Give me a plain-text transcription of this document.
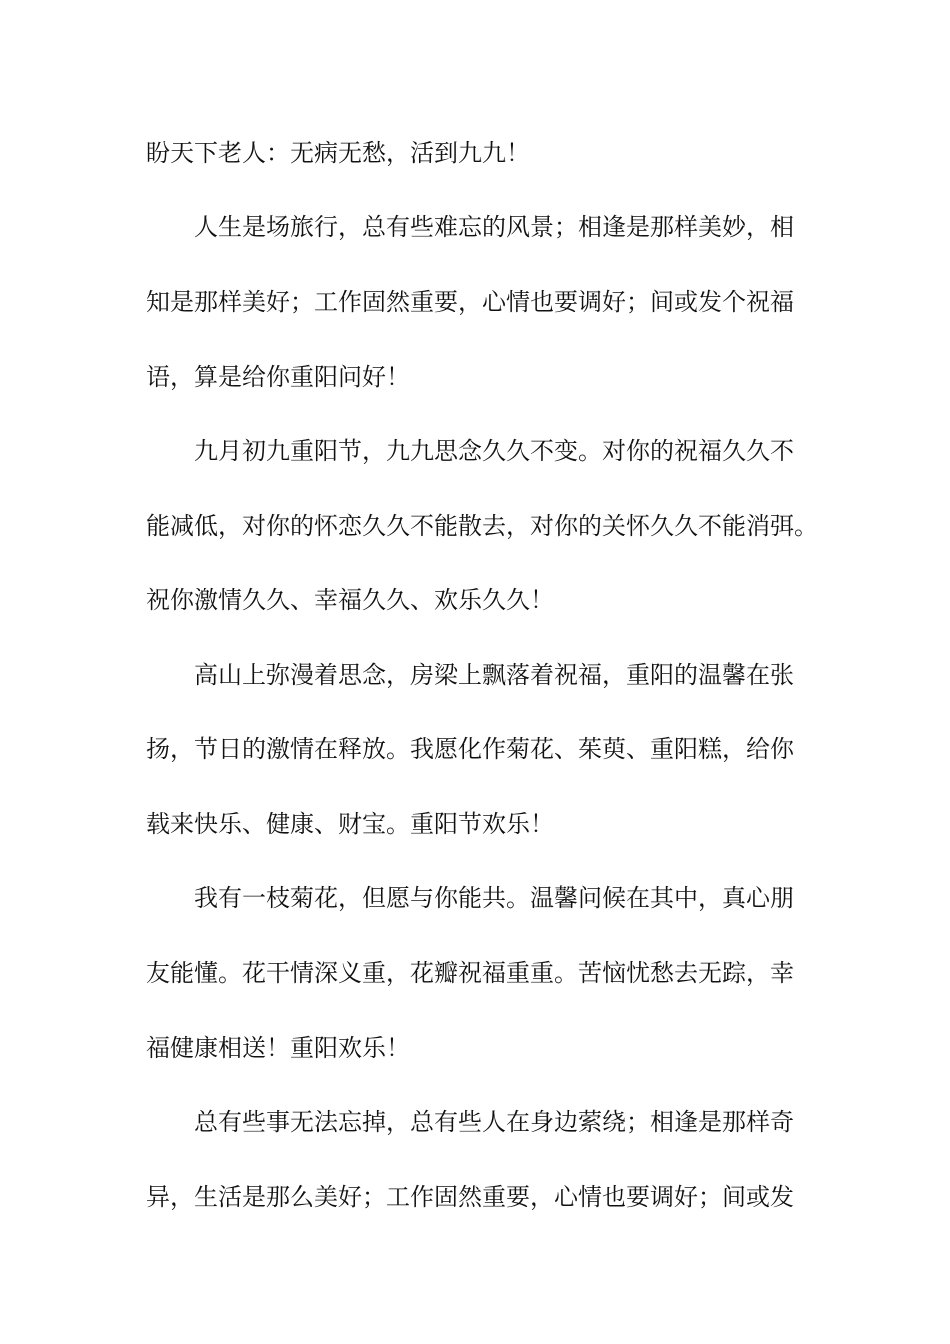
盼天下老人：无病无愁，活到九九！
人生是场旅行，总有些难忘的风景；相逢是那样美妙，相
知是那样美好；工作固然重要，心情也要调好；间或发个祝福
语，算是给你重阳问好！
九月初九重阳节，九九思念久久不变。对你的祝福久久不
能减低，对你的怀恋久久不能散去，对你的关怀久久不能消弭。
祝你激情久久、幸福久久、欢乐久久！
高山上弥漫着思念，房梁上飘落着祝福，重阳的温馨在张
扬，节日的激情在释放。我愿化作菊花、茱萸、重阳糕，给你
载来快乐、健康、财宝。重阳节欢乐！
我有一枝菊花，但愿与你能共。温馨问候在其中，真心朋
友能懂。花干情深义重，花瓣祝福重重。苦恼忧愁去无踪，幸
福健康相送！重阳欢乐！
总有些事无法忘掉，总有些人在身边萦绕；相逢是那样奇
异，生活是那么美好；工作固然重要，心情也要调好；间或发
